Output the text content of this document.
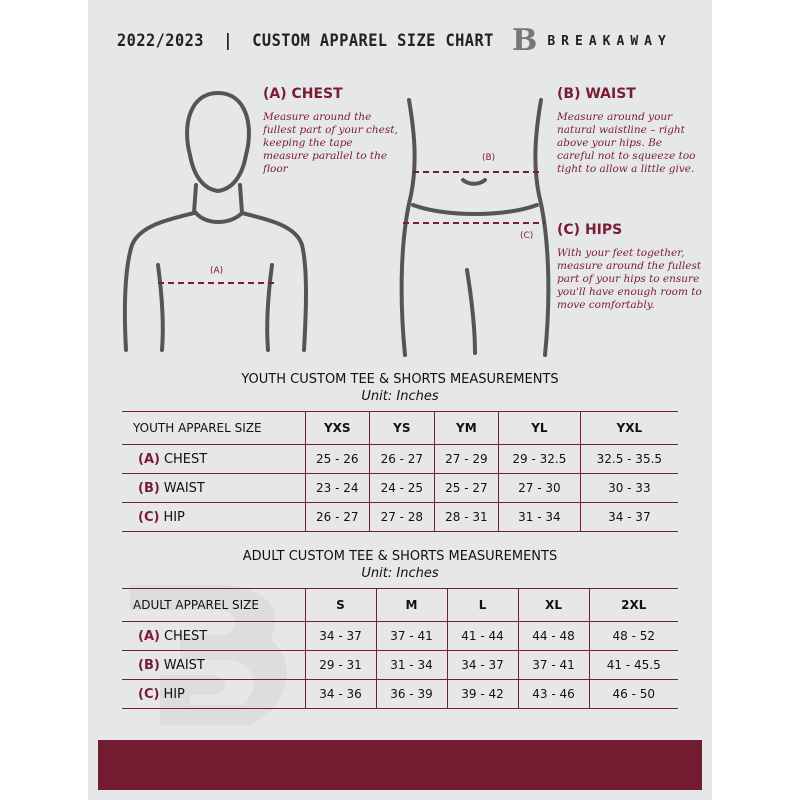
2022/2023  |  CUSTOM APPAREL SIZE CHART B BREAKAWAY
(A)
(B)
(C)
(A) CHEST
Measure around the fullest part of your chest, keeping the tape measure parallel to the floor
(B) WAIST
Measure around your natural waistline – right above your hips. Be careful not to squeeze too tight to allow a little give.
(C) HIPS
With your feet together, measure around the fullest part of your hips to ensure you'll have enough room to move comfortably.
YOUTH CUSTOM TEE & SHORTS MEASUREMENTS
Unit: Inches
YOUTH APPAREL SIZE	YXS	YS	YM	YL	YXL
(A) CHEST	25 - 26	26 - 27	27 - 29	29 - 32.5	32.5 - 35.5
(B) WAIST	23 - 24	24 - 25	25 - 27	27 - 30	30 - 33
(C) HIP	26 - 27	27 - 28	28 - 31	31 - 34	34 - 37
ADULT CUSTOM TEE & SHORTS MEASUREMENTS
Unit: Inches
ADULT APPAREL SIZE	S	M	L	XL	2XL
(A) CHEST	34 - 37	37 - 41	41 - 44	44 - 48	48 - 52
(B) WAIST	29 - 31	31 - 34	34 - 37	37 - 41	41 - 45.5
(C) HIP	34 - 36	36 - 39	39 - 42	43 - 46	46 - 50
